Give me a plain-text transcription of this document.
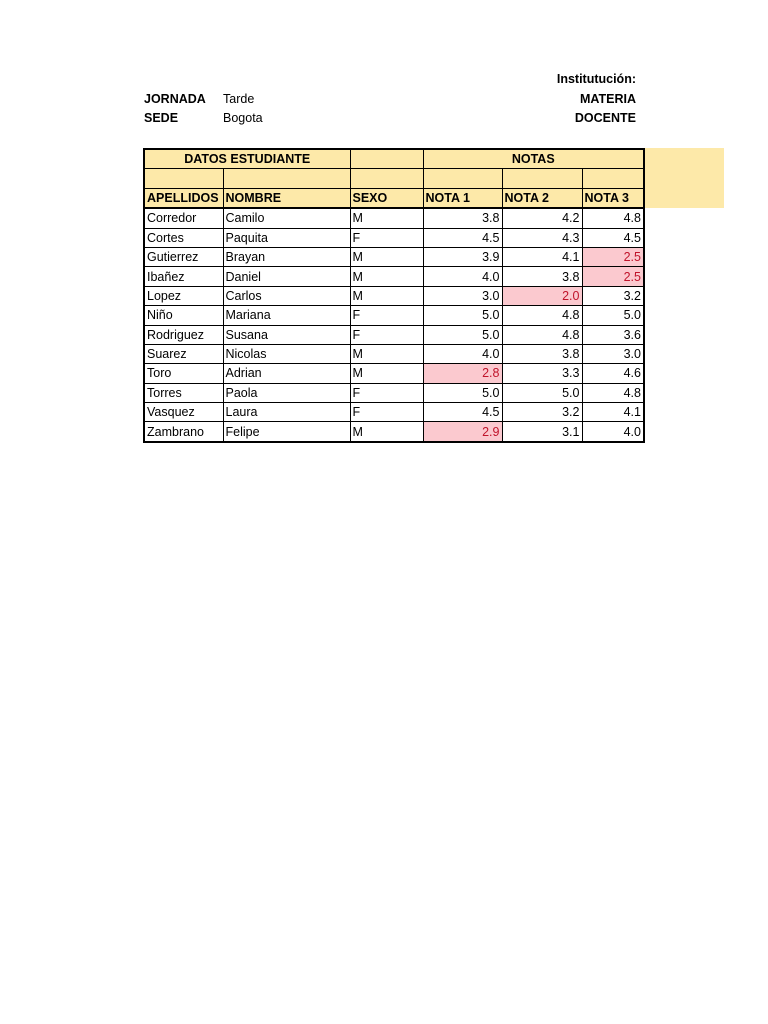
Institutución:
MATERIA
DOCENTE
JORNADA Tarde
SEDE	Bogota
DATOS ESTUDIANTE			NOTAS		

APELLIDOS	NOMBRE	SEXO	NOTA 1	NOTA 2	NOTA 3
Corredor	Camilo	M	3.8	4.2	4.8
Cortes	Paquita	F	4.5	4.3	4.5
Gutierrez	Brayan	M	3.9	4.1	2.5
Ibañez	Daniel	M	4.0	3.8	2.5
Lopez	Carlos	M	3.0	2.0	3.2
Niño	Mariana	F	5.0	4.8	5.0
Rodriguez	Susana	F	5.0	4.8	3.6
Suarez	Nicolas	M	4.0	3.8	3.0
Toro	Adrian	M	2.8	3.3	4.6
Torres	Paola	F	5.0	5.0	4.8
Vasquez	Laura	F	4.5	3.2	4.1
Zambrano	Felipe	M	2.9	3.1	4.0
